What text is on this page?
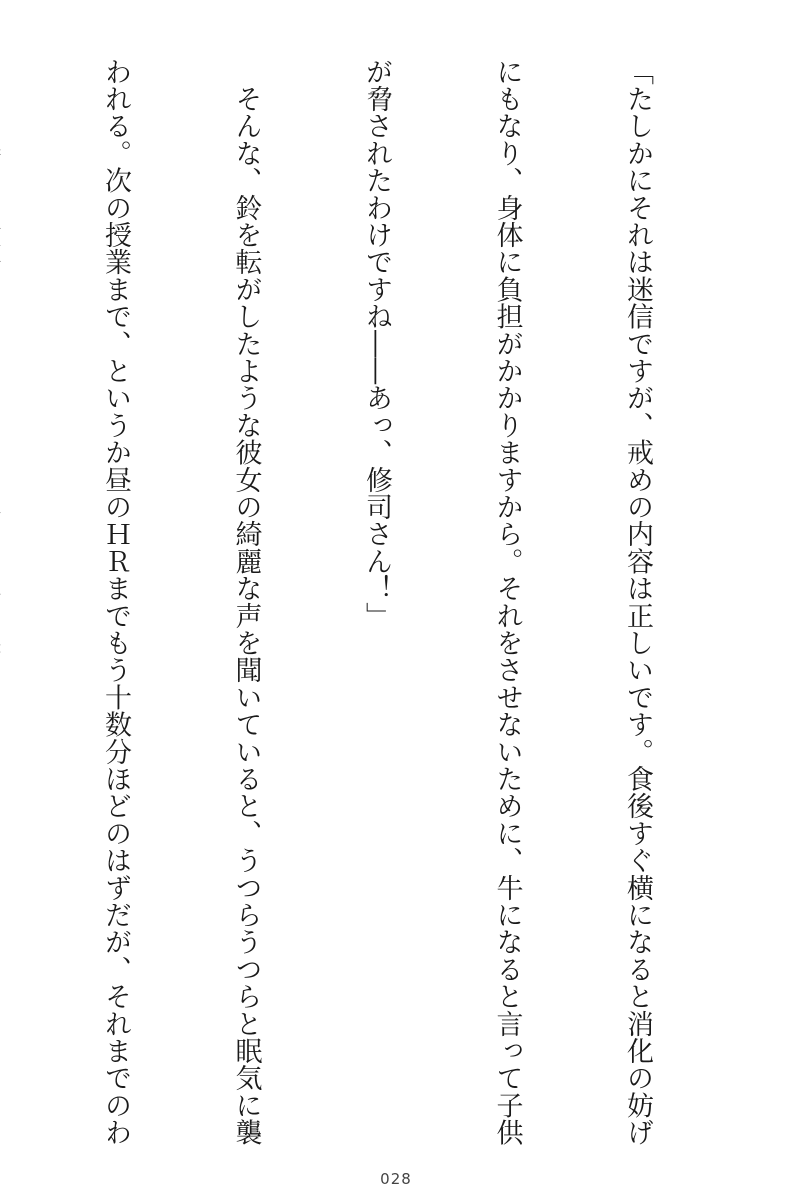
「たしかにそれは迷信ですが、戒めの内容は正しいです。食後すぐ横になると消化の妨げ

にもなり、身体に負担がかかりますから。それをさせないために、牛になると言って子供

が脅されたわけですね――あっ、修司さん！」

　そんな、鈴を転がしたような彼女の綺麗な声を聞いていると、うつらうつらと眠気に襲

われる。次の授業まで、というか昼のＨＲまでもう十数分ほどのはずだが、それまでのわ

028
